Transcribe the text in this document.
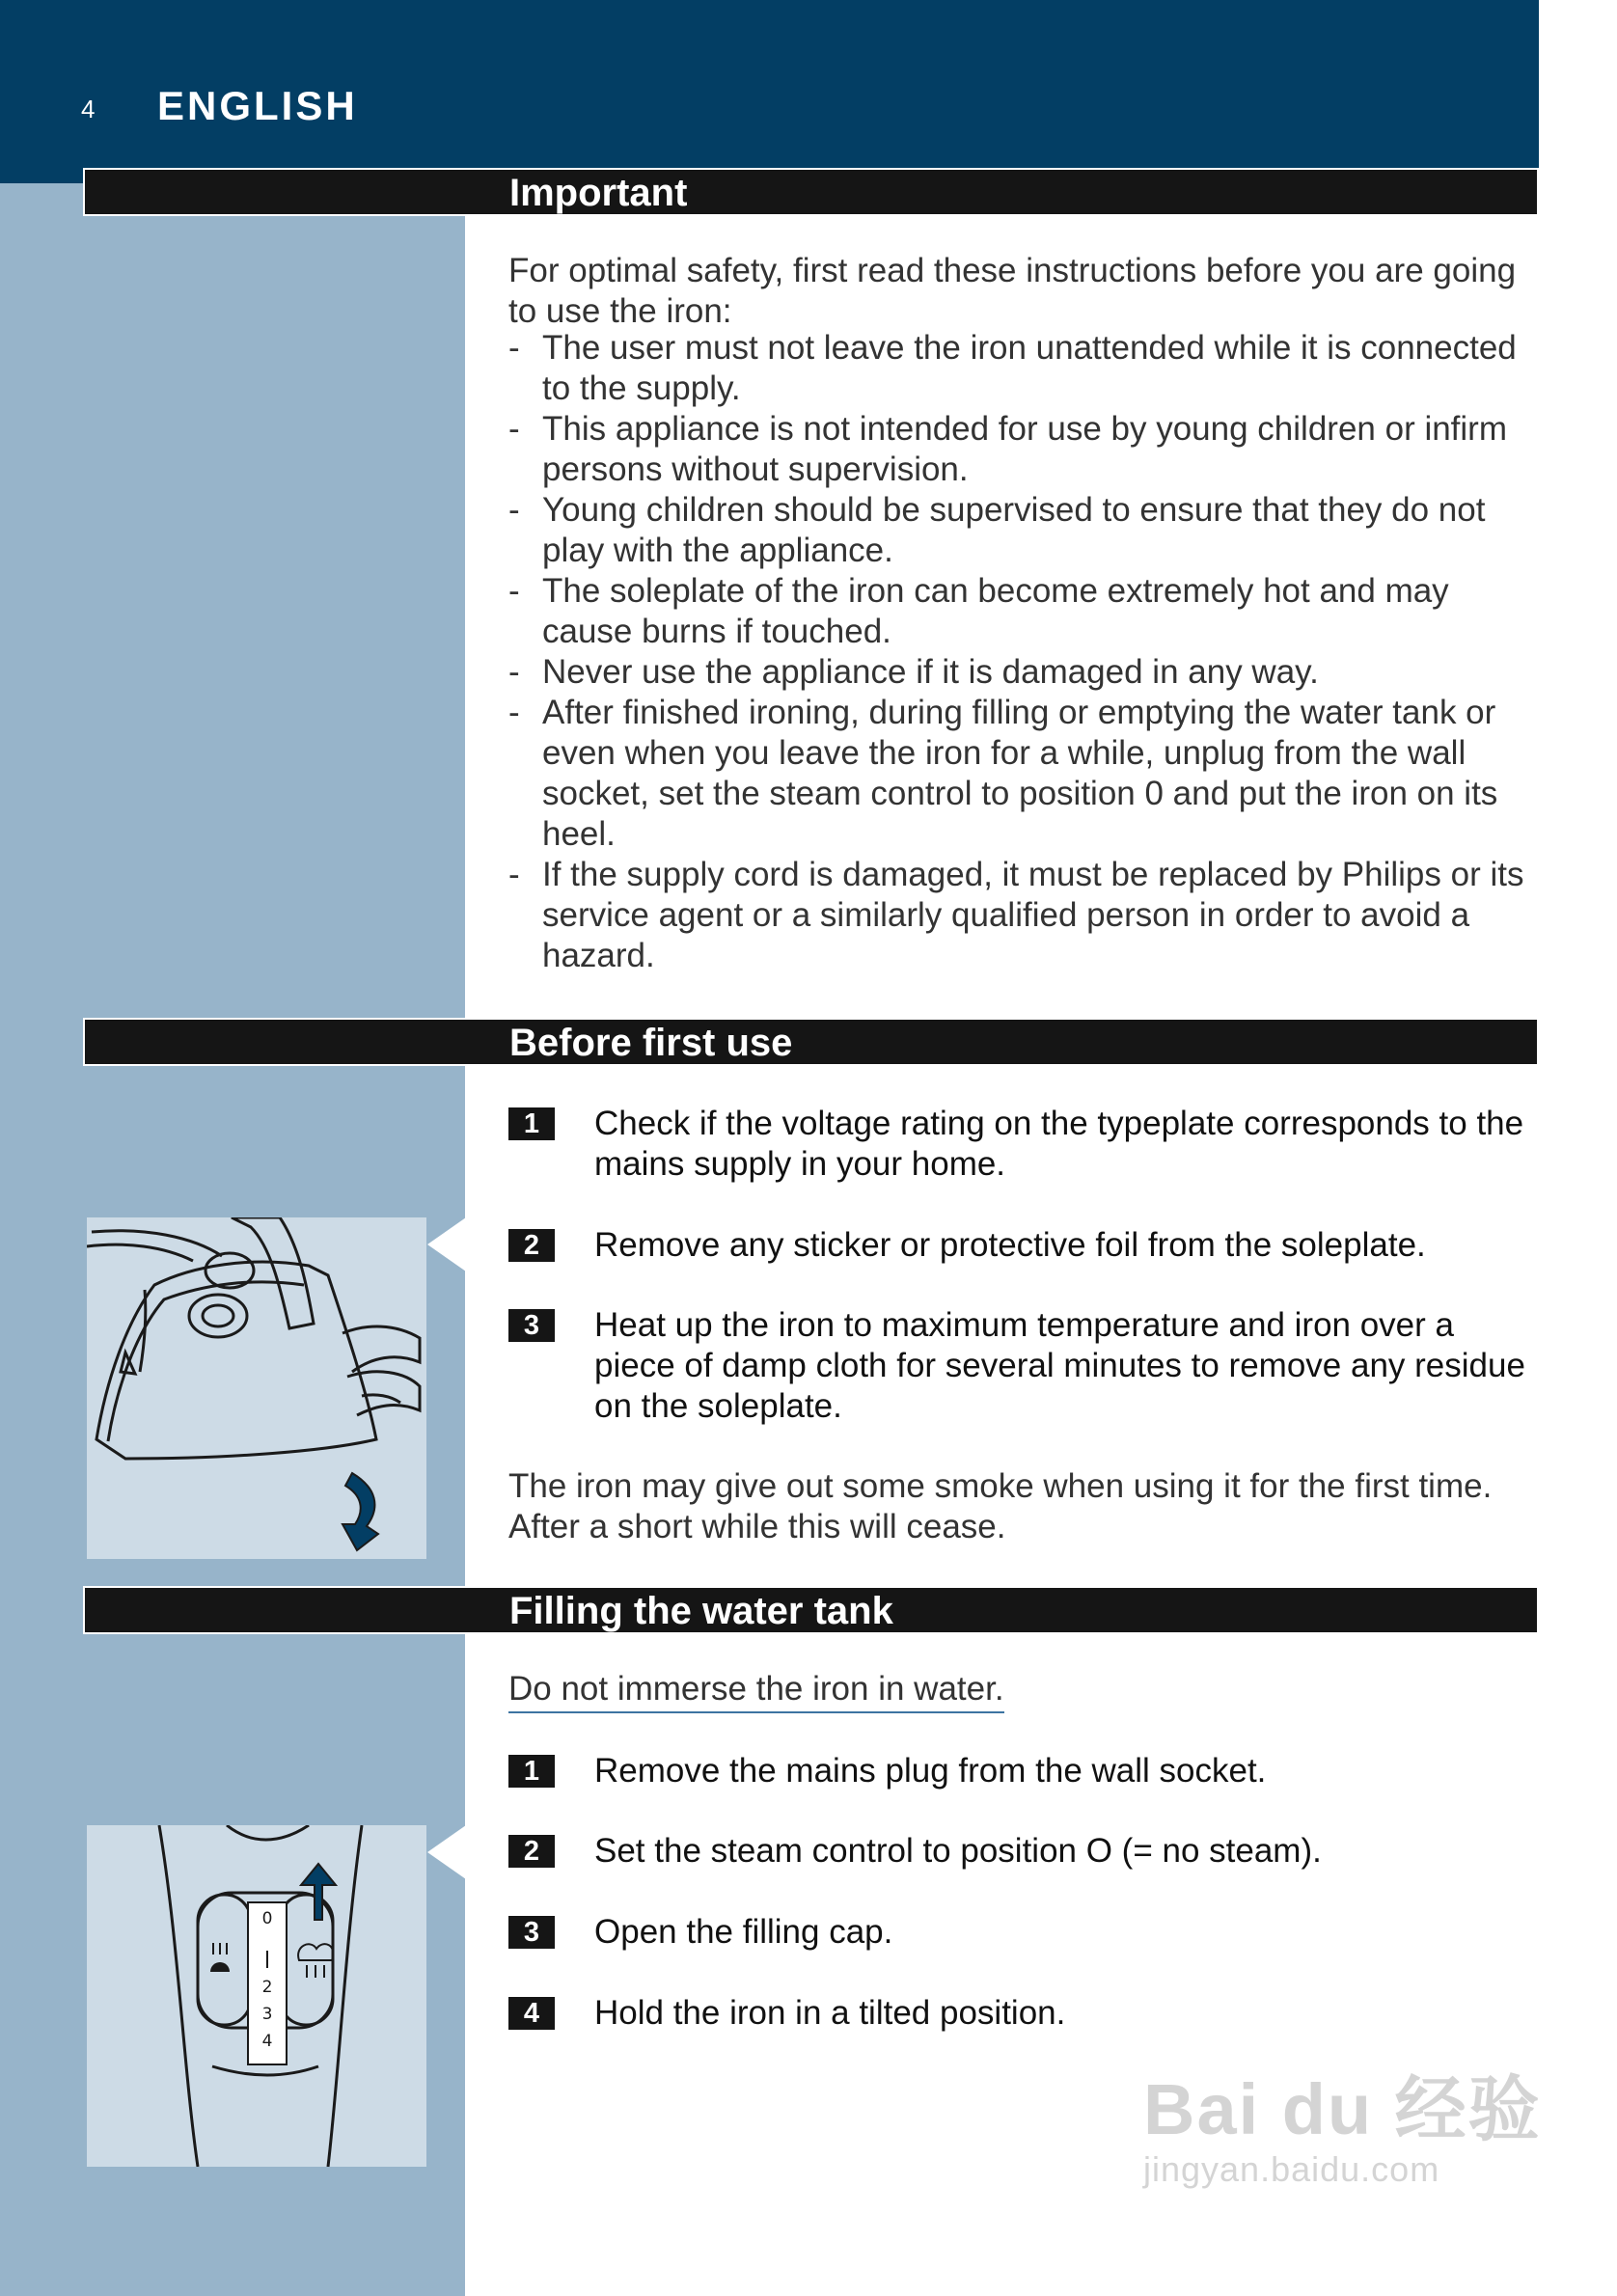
4 ENGLISH
Important

For optimal safety, first read these instructions before you are going to use the iron:

- The user must not leave the iron unattended while it is connected to the supply.
- This appliance is not intended for use by young children or infirm persons without supervision.
- Young children should be supervised to ensure that they do not play with the appliance.
- The soleplate of the iron can become extremely hot and may cause burns if touched.
- Never use the appliance if it is damaged in any way.
- After finished ironing, during filling or emptying the water tank or even when you leave the iron for a while, unplug from the wall socket, set the steam control to position 0 and put the iron on its heel.
- If the supply cord is damaged, it must be replaced by Philips or its service agent or a similarly qualified person in order to avoid a hazard.
Before first use
1	Check if the voltage rating on the typeplate corresponds to the mains supply in your home.
2	Remove any sticker or protective foil from the soleplate.
3	Heat up the iron to maximum temperature and iron over a piece of damp cloth for several minutes to remove any residue on the soleplate.

The iron may give out some smoke when using it for the first time. After a short while this will cease.

Filling the water tank
Do not immerse the iron in water.
1	Remove the mains plug from the wall socket.
2	Set the steam control to position O (= no steam).
3	Open the filling cap.
4	Hold the iron in a tilted position.
0
2
3
4
Bai du 经验
jingyan.baidu.com
